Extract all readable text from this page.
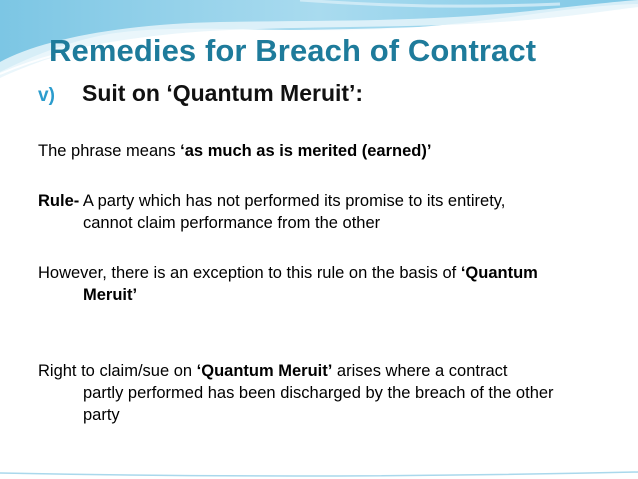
Remedies for Breach of Contract
v) Suit on ‘Quantum Meruit’:
The phrase means ‘as much as is merited (earned)’
Rule- A party which has not performed its promise to its entirety,
cannot claim performance from the other
However, there is an exception to this rule on the basis of ‘Quantum
Meruit’
Right to claim/sue on ‘Quantum Meruit’ arises where a contract
partly performed has been discharged by the breach of the other
party
